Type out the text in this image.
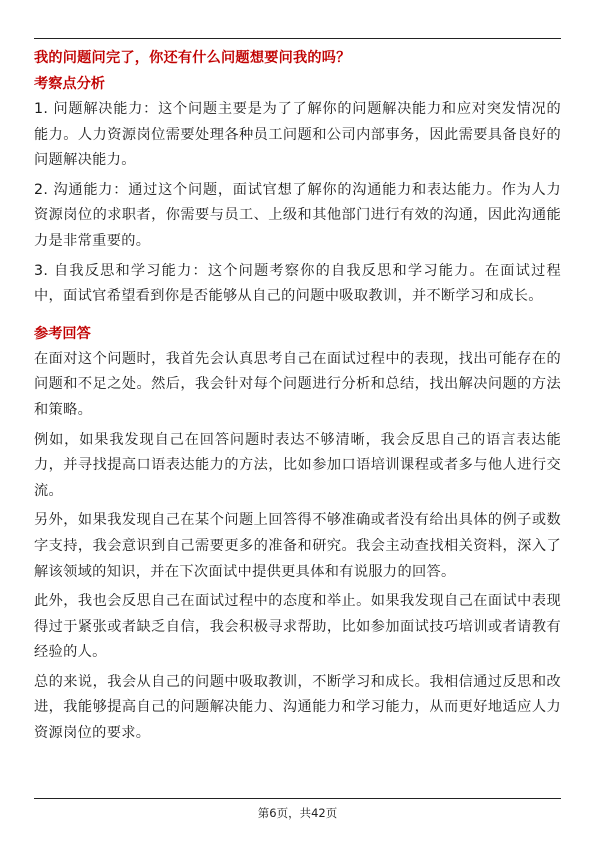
我的问题问完了，你还有什么问题想要问我的吗？

考察点分析

1. 问题解决能力：这个问题主要是为了了解你的问题解决能力和应对突发情况的能力。人力资源岗位需要处理各种员工问题和公司内部事务，因此需要具备良好的问题解决能力。

2. 沟通能力：通过这个问题，面试官想了解你的沟通能力和表达能力。作为人力资源岗位的求职者，你需要与员工、上级和其他部门进行有效的沟通，因此沟通能力是非常重要的。

3. 自我反思和学习能力：这个问题考察你的自我反思和学习能力。在面试过程中，面试官希望看到你是否能够从自己的问题中吸取教训，并不断学习和成长。

参考回答

在面对这个问题时，我首先会认真思考自己在面试过程中的表现，找出可能存在的问题和不足之处。然后，我会针对每个问题进行分析和总结，找出解决问题的方法和策略。

例如，如果我发现自己在回答问题时表达不够清晰，我会反思自己的语言表达能力，并寻找提高口语表达能力的方法，比如参加口语培训课程或者多与他人进行交流。

另外，如果我发现自己在某个问题上回答得不够准确或者没有给出具体的例子或数字支持，我会意识到自己需要更多的准备和研究。我会主动查找相关资料，深入了解该领域的知识，并在下次面试中提供更具体和有说服力的回答。

此外，我也会反思自己在面试过程中的态度和举止。如果我发现自己在面试中表现得过于紧张或者缺乏自信，我会积极寻求帮助，比如参加面试技巧培训或者请教有经验的人。

总的来说，我会从自己的问题中吸取教训，不断学习和成长。我相信通过反思和改进，我能够提高自己的问题解决能力、沟通能力和学习能力，从而更好地适应人力资源岗位的要求。

第6页，共42页
